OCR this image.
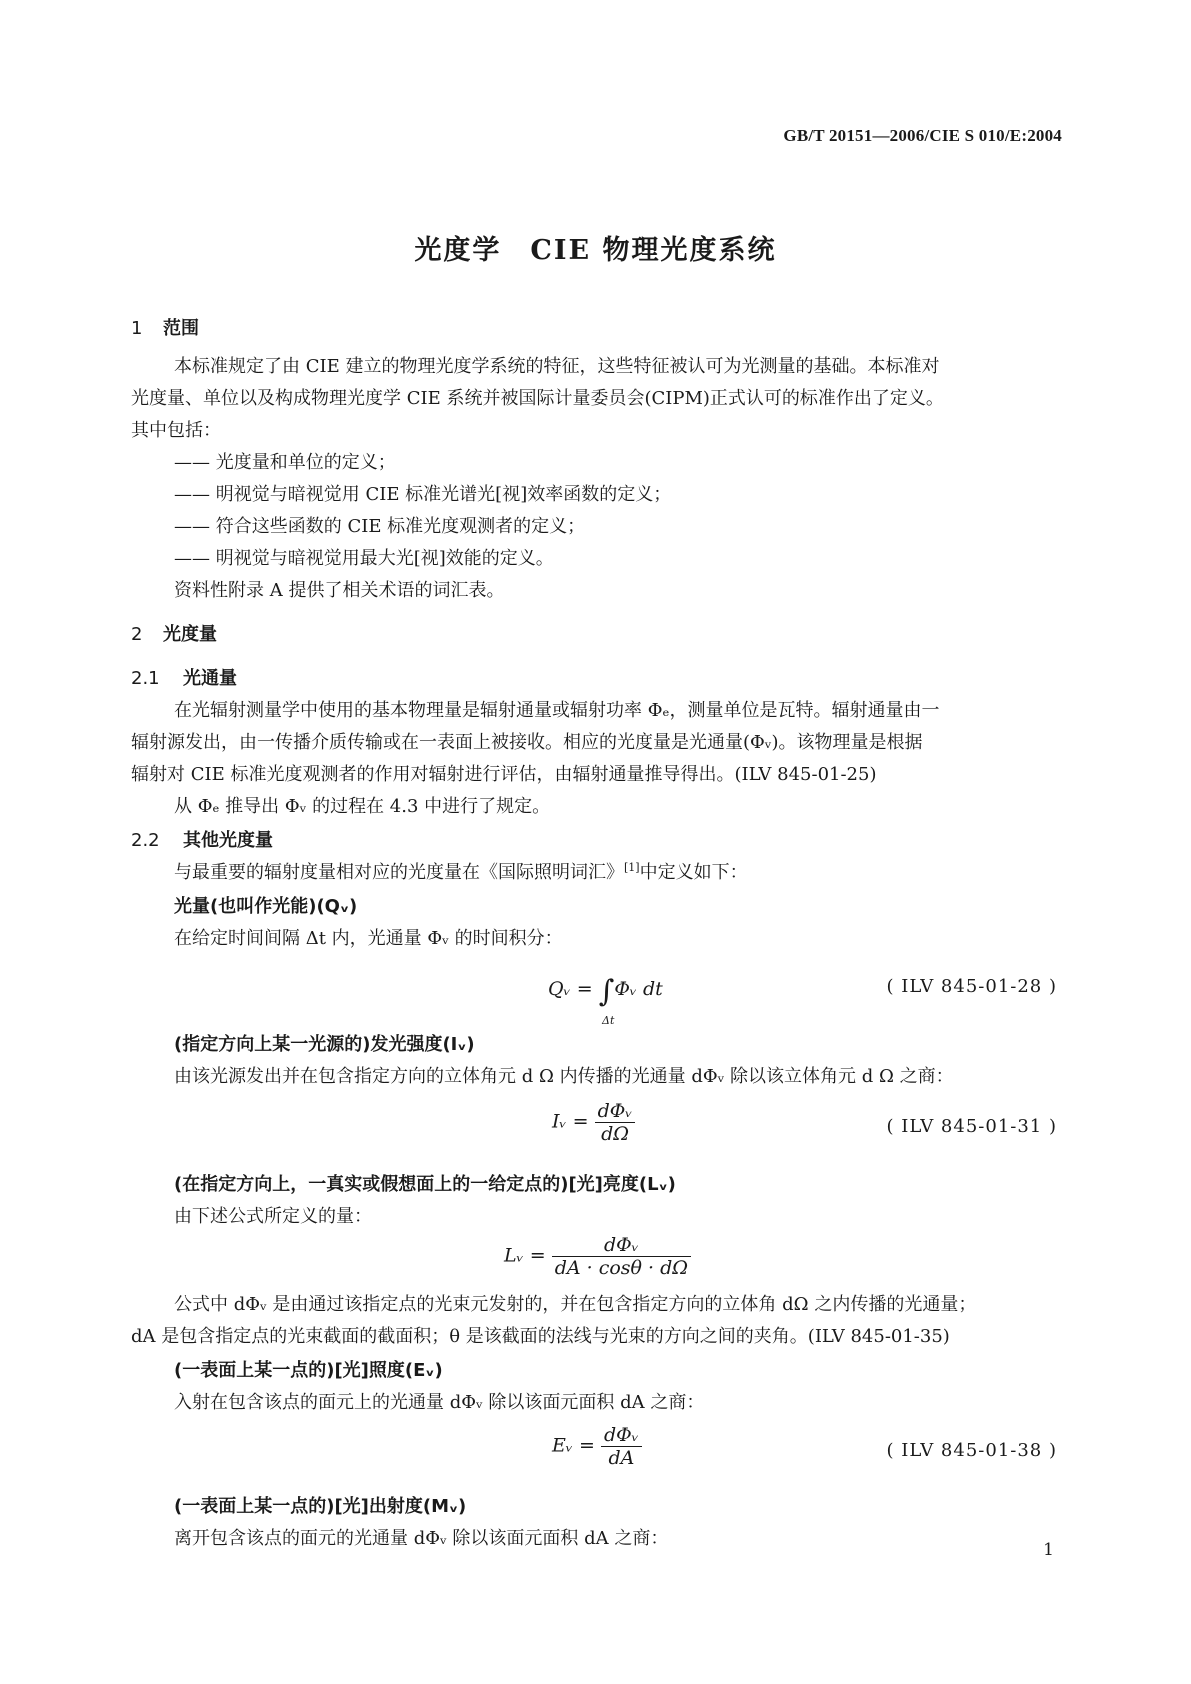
GB/T 20151—2006/CIE S 010/E:2004
光度学　CIE 物理光度系统
1 范围
本标准规定了由 CIE 建立的物理光度学系统的特征，这些特征被认可为光测量的基础。本标准对
光度量、单位以及构成物理光度学 CIE 系统并被国际计量委员会(CIPM)正式认可的标准作出了定义。
其中包括：
—— 光度量和单位的定义；
—— 明视觉与暗视觉用 CIE 标准光谱光[视]效率函数的定义；
—— 符合这些函数的 CIE 标准光度观测者的定义；
—— 明视觉与暗视觉用最大光[视]效能的定义。
资料性附录 A 提供了相关术语的词汇表。
2 光度量
2.1 光通量
在光辐射测量学中使用的基本物理量是辐射通量或辐射功率 Φₑ，测量单位是瓦特。辐射通量由一
辐射源发出，由一传播介质传输或在一表面上被接收。相应的光度量是光通量(Φᵥ)。该物理量是根据
辐射对 CIE 标准光度观测者的作用对辐射进行评估，由辐射通量推导得出。(ILV 845-01-25)
从 Φₑ 推导出 Φᵥ 的过程在 4.3 中进行了规定。
2.2 其他光度量
与最重要的辐射度量相对应的光度量在《国际照明词汇》[1]中定义如下：
光量(也叫作光能)(Qᵥ)
在给定时间间隔 Δt 内，光通量 Φᵥ 的时间积分：
Qᵥ = ∫Φᵥ dt
Δt
( ILV 845-01-28 )
(指定方向上某一光源的)发光强度(Iᵥ)
由该光源发出并在包含指定方向的立体角元 d Ω 内传播的光通量 dΦᵥ 除以该立体角元 d Ω 之商：
Iᵥ = $\frac{\text{dΦᵥ}}{d\Omega}$	( ILV 845-01-31 )
(在指定方向上，一真实或假想面上的一给定点的)[光]亮度(Lᵥ)
由下述公式所定义的量：
Lᵥ = $\frac{\text{dΦᵥ}}{dA \cdot \cos\theta \cdot d\Omega}$
公式中 dΦᵥ 是由通过该指定点的光束元发射的，并在包含指定方向的立体角 dΩ 之内传播的光通量；
dA 是包含指定点的光束截面的截面积；θ 是该截面的法线与光束的方向之间的夹角。(ILV 845-01-35)
(一表面上某一点的)[光]照度(Eᵥ)
入射在包含该点的面元上的光通量 dΦᵥ 除以该面元面积 dA 之商：
Eᵥ = $\frac{\text{dΦᵥ}}{dA}$	( ILV 845-01-38 )
(一表面上某一点的)[光]出射度(Mᵥ)
离开包含该点的面元的光通量 dΦᵥ 除以该面元面积 dA 之商：
1
